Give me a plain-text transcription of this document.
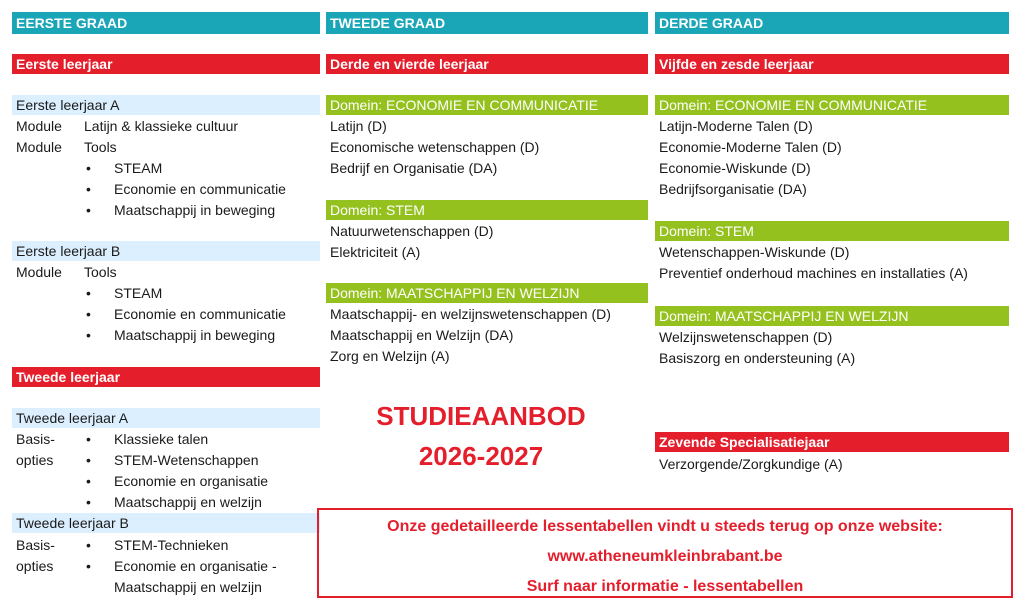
EERSTE GRAAD	TWEEDE GRAAD	DERDE GRAAD
Eerste leerjaar
Eerste leerjaar A
Module Latijn & klassieke cultuur
Module Tools
• STEAM
• Economie en communicatie
• Maatschappij in beweging
Eerste leerjaar B
Module Tools
• STEAM
• Economie en communicatie
• Maatschappij in beweging
Tweede leerjaar
Tweede leerjaar A
Basis-
opties
• Klassieke talen
• STEM-Wetenschappen
• Economie en organisatie
• Maatschappij en welzijn
Tweede leerjaar B
Basis-
opties
• STEM-Technieken
• Economie en organisatie -
Maatschappij en welzijn
Derde en vierde leerjaar
Domein: ECONOMIE EN COMMUNICATIE
Latijn (D)
Economische wetenschappen (D)
Bedrijf en Organisatie (DA)
Domein: STEM
Natuurwetenschappen (D)
Elektriciteit (A)
Domein: MAATSCHAPPIJ EN WELZIJN
Maatschappij- en welzijnswetenschappen (D)
Maatschappij en Welzijn (DA)
Zorg en Welzijn (A)
STUDIEAANBOD
2026-2027
Vijfde en zesde leerjaar
Domein: ECONOMIE EN COMMUNICATIE
Latijn-Moderne Talen (D)
Economie-Moderne Talen (D)
Economie-Wiskunde (D)
Bedrijfsorganisatie (DA)
Domein: STEM
Wetenschappen-Wiskunde (D)
Preventief onderhoud machines en installaties (A)
Domein: MAATSCHAPPIJ EN WELZIJN
Welzijnswetenschappen (D)
Basiszorg en ondersteuning (A)
Zevende Specialisatiejaar
Verzorgende/Zorgkundige (A)
Onze gedetailleerde lessentabellen vindt u steeds terug op onze website:
www.atheneumkleinbrabant.be
Surf naar informatie - lessentabellen
